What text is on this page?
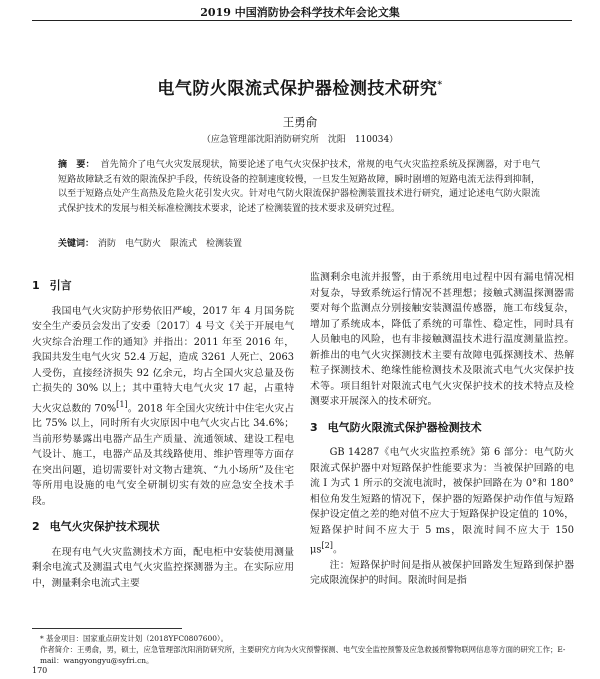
2019 中国消防协会科学技术年会论文集
电气防火限流式保护器检测技术研究*
王勇俞
（应急管理部沈阳消防研究所　沈阳　110034）
摘　要： 首先简介了电气火灾发展现状，简要论述了电气火灾保护技术，常规的电气火灾监控系统及探测器，对于电气短路故障缺乏有效的限流保护手段，传统设备的控制速度较慢，一旦发生短路故障，瞬时剧增的短路电流无法得到抑制，以至于短路点处产生高热及危险火花引发火灾。针对电气防火限流保护器检测装置技术进行研究，通过论述电气防火限流式保护技术的发展与相关标准检测技术要求，论述了检测装置的技术要求及研究过程。
关键词： 消防　电气防火　限流式　检测装置
1 引言

我国电气火灾防护形势依旧严峻，2017 年 4 月国务院安全生产委员会发出了安委〔2017〕4 号文《关于开展电气火灾综合治理工作的通知》并指出：2011 年至 2016 年，我国共发生电气火灾 52.4 万起，造成 3261 人死亡、2063 人受伤，直接经济损失 92 亿余元，均占全国火灾总量及伤亡损失的 30% 以上；其中重特大电气火灾 17 起，占重特大火灾总数的 70%[1]。2018 年全国火灾统计中住宅火灾占比 75% 以上，同时所有火灾原因中电气火灾占比 34.6%；当前形势暴露出电器产品生产质量、流通领域、建设工程电气设计、施工，电器产品及其线路使用、维护管理等方面存在突出问题，追切需要针对文物古建筑、“九小场所”及住宅等所用电设施的电气安全研制切实有效的应急安全技术手段。

2 电气火灾保护技术现状

在现有电气火灾监测技术方面，配电柜中安装使用测量剩余电流式及测温式电气火灾监控探测器为主。在实际应用中，测量剩余电流式主要

监测剩余电流并报警，由于系统用电过程中因有漏电情况相对复杂，导致系统运行情况不甚理想；接触式测温探测器需要对每个监测点分别接触安装测温传感器，施工布线复杂，增加了系统成本，降低了系统的可靠性、稳定性，同时具有人员触电的风险，也有非接触测温技术进行温度测量监控。新推出的电气火灾探测技术主要有故障电弧探测技术、热解粒子探测技术、绝缘性能检测技术及限流式电气火灾保护技术等。项目组针对限流式电气火灾保护技术的技术特点及检测要求开展深入的技术研究。

3 电气防火限流式保护器检测技术

GB 14287《电气火灾监控系统》第 6 部分：电气防火限流式保护器中对短路保护性能要求为：当被保护回路的电流 I 为式 1 所示的交流电流时，被保护回路在为 0°和 180°相位角发生短路的情况下，保护器的短路保护动作值与短路保护设定值之差的绝对值不应大于短路保护设定值的 10%，短路保护时间不应大于 5 ms，限流时间不应大于 150 μs[2]。

注：短路保护时间是指从被保护回路发生短路到保护器完成限流保护的时间。限流时间是指

* 基金项目：国家重点研发计划（2018YFC0807600）。
作者简介：王勇俞，男，硕士，应急管理部沈阳消防研究所，主要研究方向为火灾预警探测、电气安全监控预警及应急救援预警物联网信息等方面的研究工作；E-mail：wangyongyu@syfri.cn。
170
